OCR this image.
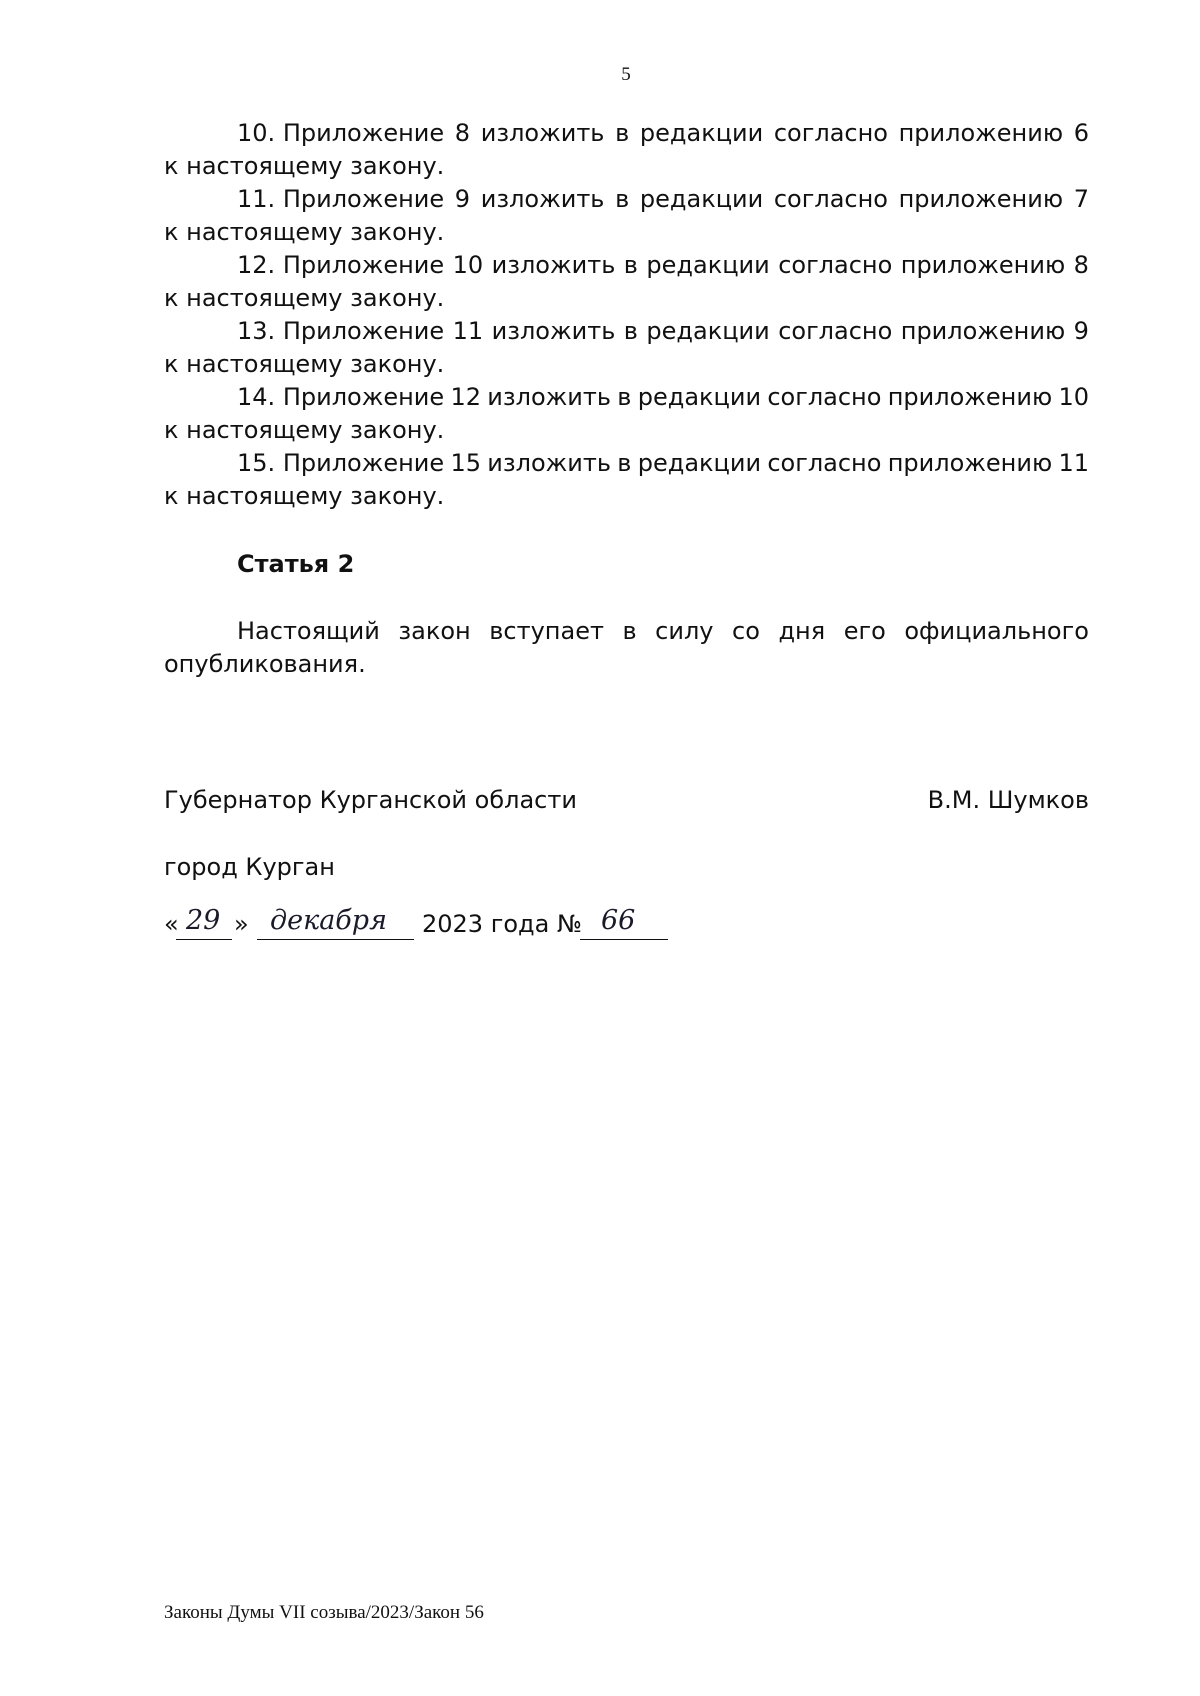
5
10. Приложение 8 изложить в редакции согласно приложению 6
к настоящему закону.
11. Приложение 9 изложить в редакции согласно приложению 7
к настоящему закону.
12. Приложение 10 изложить в редакции согласно приложению 8
к настоящему закону.
13. Приложение 11 изложить в редакции согласно приложению 9
к настоящему закону.
14. Приложение 12 изложить в редакции согласно приложению 10
к настоящему закону.
15. Приложение 15 изложить в редакции согласно приложению 11
к настоящему закону.
Статья 2
Настоящий закон вступает в силу со дня его официального
опубликования.
Губернатор Курганской области	В.М. Шумков
город Курган
« 29 » декабря 2023 года № 66
Законы Думы VII созыва/2023/Закон 56
